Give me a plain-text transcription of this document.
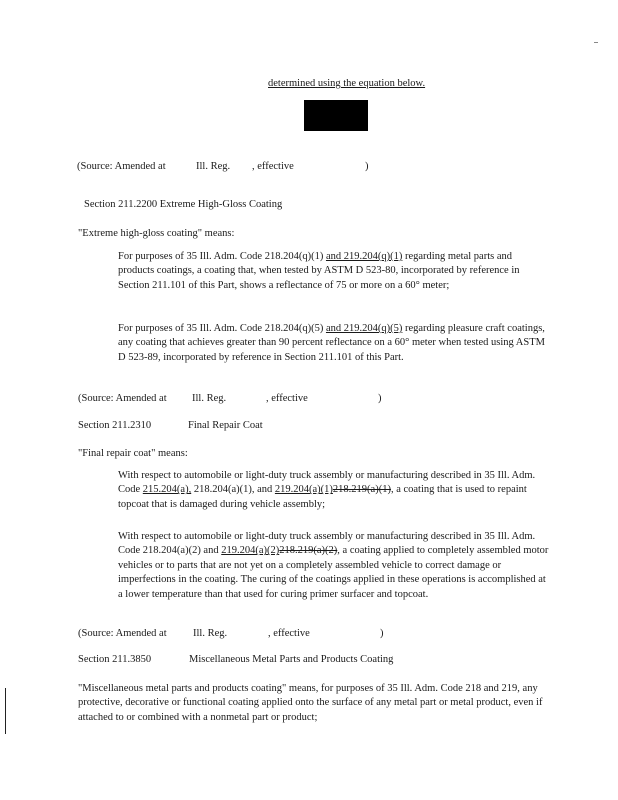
determined using the equation below.
(Source: Amended at	Ill. Reg. , effective	)
Section 211.2200 Extreme High-Gloss Coating
"Extreme high-gloss coating" means:
For purposes of 35 Ill. Adm. Code 218.204(q)(1) and 219.204(q)(1) regarding metal parts and products coatings, a coating that, when tested by ASTM D 523-80, incorporated by reference in Section 211.101 of this Part, shows a reflectance of 75 or more on a 60° meter;
For purposes of 35 Ill. Adm. Code 218.204(q)(5) and 219.204(q)(5) regarding pleasure craft coatings, any coating that achieves greater than 90 percent reflectance on a 60° meter when tested using ASTM D 523-89, incorporated by reference in Section 211.101 of this Part.
(Source: Amended at Ill. Reg.	, effective	)
Section 211.2310	Final Repair Coat
"Final repair coat" means:
With respect to automobile or light-duty truck assembly or manufacturing described in 35 Ill. Adm. Code 215.204(a), 218.204(a)(1), and 219.204(a)(1)218.219(a)(1), a coating that is used to repaint topcoat that is damaged during vehicle assembly;
With respect to automobile or light-duty truck assembly or manufacturing described in 35 Ill. Adm. Code 218.204(a)(2) and 219.204(a)(2)218.219(a)(2), a coating applied to completely assembled motor vehicles or to parts that are not yet on a completely assembled vehicle to correct damage or imperfections in the coating. The curing of the coatings applied in these operations is accomplished at a lower temperature than that used for curing primer surfacer and topcoat.
(Source: Amended at	Ill. Reg.	, effective	)
Section 211.3850	Miscellaneous Metal Parts and Products Coating
"Miscellaneous metal parts and products coating" means, for purposes of 35 Ill. Adm. Code 218 and 219, any protective, decorative or functional coating applied onto the surface of any metal part or metal product, even if attached to or combined with a nonmetal part or product;
